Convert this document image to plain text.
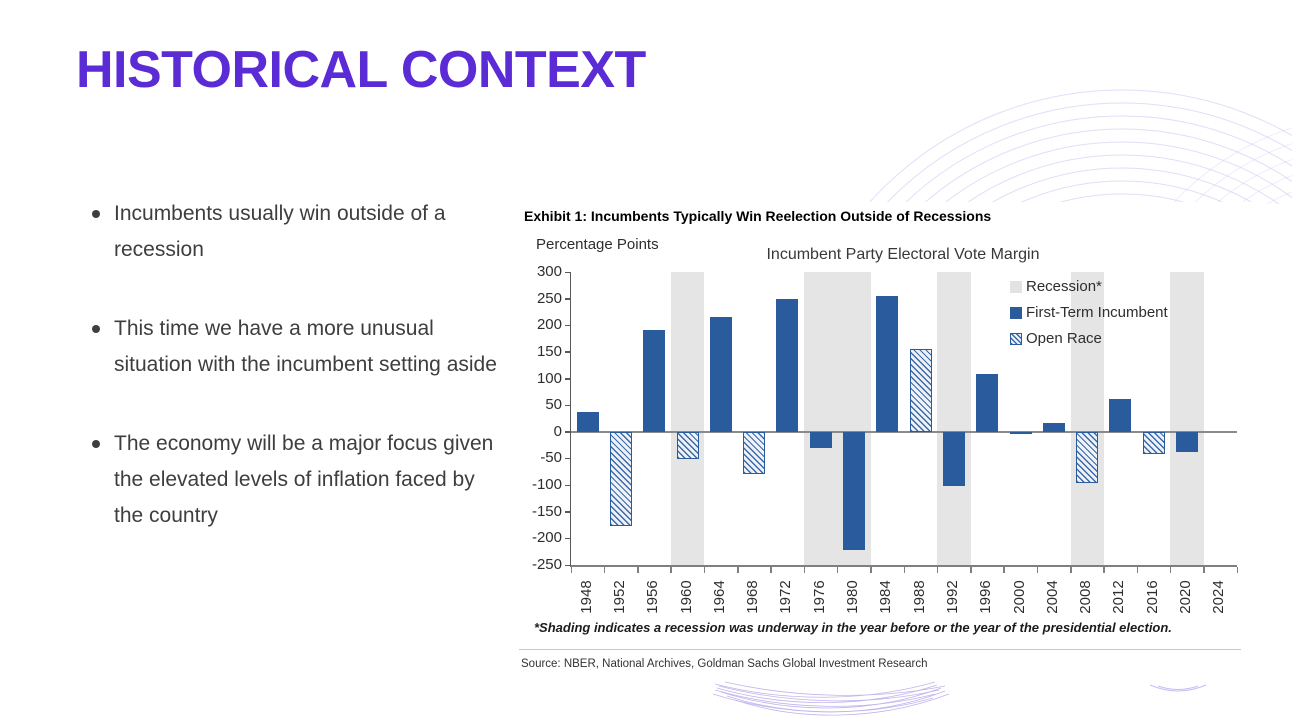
HISTORICAL CONTEXT
Incumbents usually win outside of a recession
This time we have a more unusual situation with the incumbent setting aside
The economy will be a major focus given the elevated levels of inflation faced by the country
Exhibit 1: Incumbents Typically Win Reelection Outside of Recessions
Percentage Points
Incumbent Party Electoral Vote Margin
300
250
200
150
100
50
0
-50
-100
-150
-200
-250
Recession*
First-Term Incumbent
Open Race
*Shading indicates a recession was underway in the year before or the year of the presidential election.
Source: NBER, National Archives, Goldman Sachs Global Investment Research
1948 1952 1956 1960 1964 1968 1972 1976 1980 1984 1988 1992 1996 2000 2004 2008 2012 2016 2020 2024
